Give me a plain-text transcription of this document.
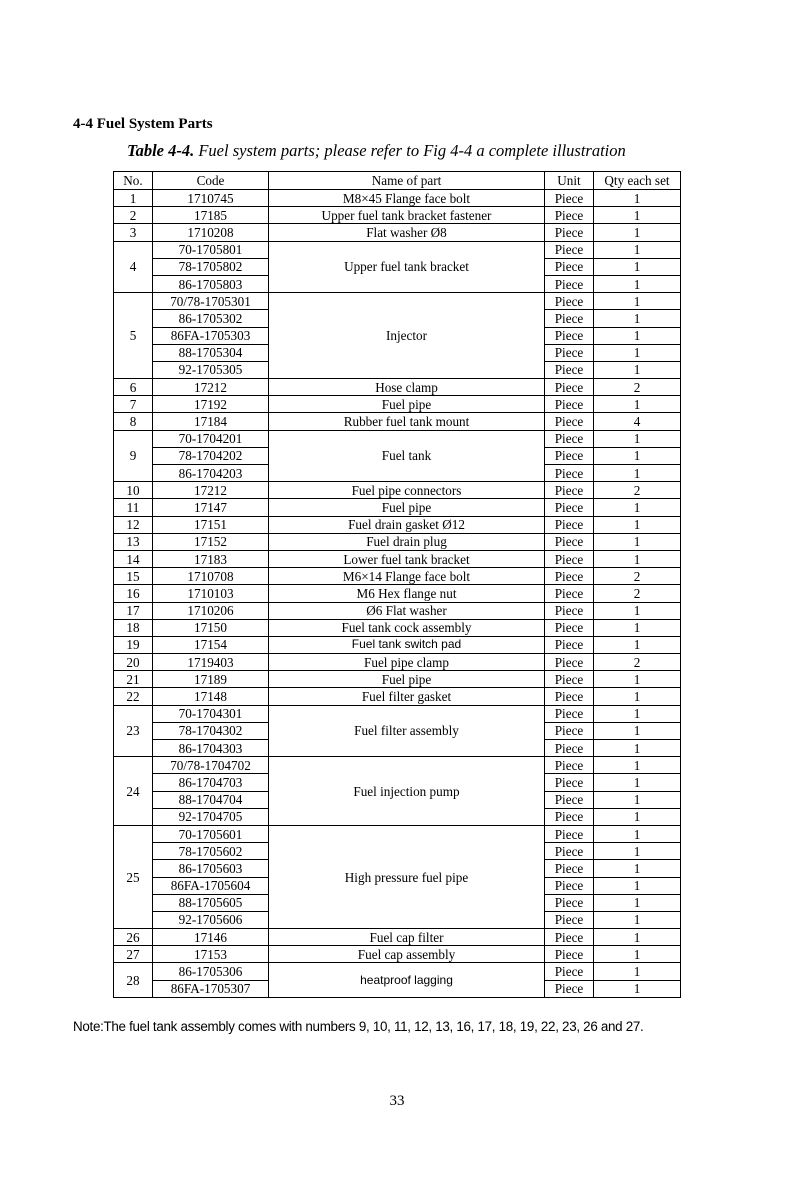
4-4 Fuel System Parts
Table 4-4. Fuel system parts; please refer to Fig 4-4 a complete illustration
No.	Code	Name of part	Unit	Qty each set
1	1710745	M8×45 Flange face bolt	Piece	1
2	17185	Upper fuel tank bracket fastener	Piece	1
3	1710208	Flat washer Ø8	Piece	1
4	70-1705801	Upper fuel tank bracket	Piece	1
	78-1705802		Piece	1
	86-1705803		Piece	1
5	70/78-1705301	Injector	Piece	1
	86-1705302		Piece	1
	86FA-1705303		Piece	1
	88-1705304		Piece	1
	92-1705305		Piece	1
6	17212	Hose clamp	Piece	2
7	17192	Fuel pipe	Piece	1
8	17184	Rubber fuel tank mount	Piece	4
9	70-1704201	Fuel tank	Piece	1
	78-1704202		Piece	1
	86-1704203		Piece	1
10	17212	Fuel pipe connectors	Piece	2
11	17147	Fuel pipe	Piece	1
12	17151	Fuel drain gasket Ø12	Piece	1
13	17152	Fuel drain plug	Piece	1
14	17183	Lower fuel tank bracket	Piece	1
15	1710708	M6×14 Flange face bolt	Piece	2
16	1710103	M6 Hex flange nut	Piece	2
17	1710206	Ø6 Flat washer	Piece	1
18	17150	Fuel tank cock assembly	Piece	1
19	17154	Fuel tank switch pad	Piece	1
20	1719403	Fuel pipe clamp	Piece	2
21	17189	Fuel pipe	Piece	1
22	17148	Fuel filter gasket	Piece	1
23	70-1704301	Fuel filter assembly	Piece	1
	78-1704302		Piece	1
	86-1704303		Piece	1
24	70/78-1704702	Fuel injection pump	Piece	1
	86-1704703		Piece	1
	88-1704704		Piece	1
	92-1704705		Piece	1
25	70-1705601	High pressure fuel pipe	Piece	1
	78-1705602		Piece	1
	86-1705603		Piece	1
	86FA-1705604		Piece	1
	88-1705605		Piece	1
	92-1705606		Piece	1
26	17146	Fuel cap filter	Piece	1
27	17153	Fuel cap assembly	Piece	1
28	86-1705306	heatproof lagging	Piece	1
	86FA-1705307		Piece	1
Note:The fuel tank assembly comes with numbers 9, 10, 11, 12, 13, 16, 17, 18, 19, 22, 23, 26 and 27.
33
